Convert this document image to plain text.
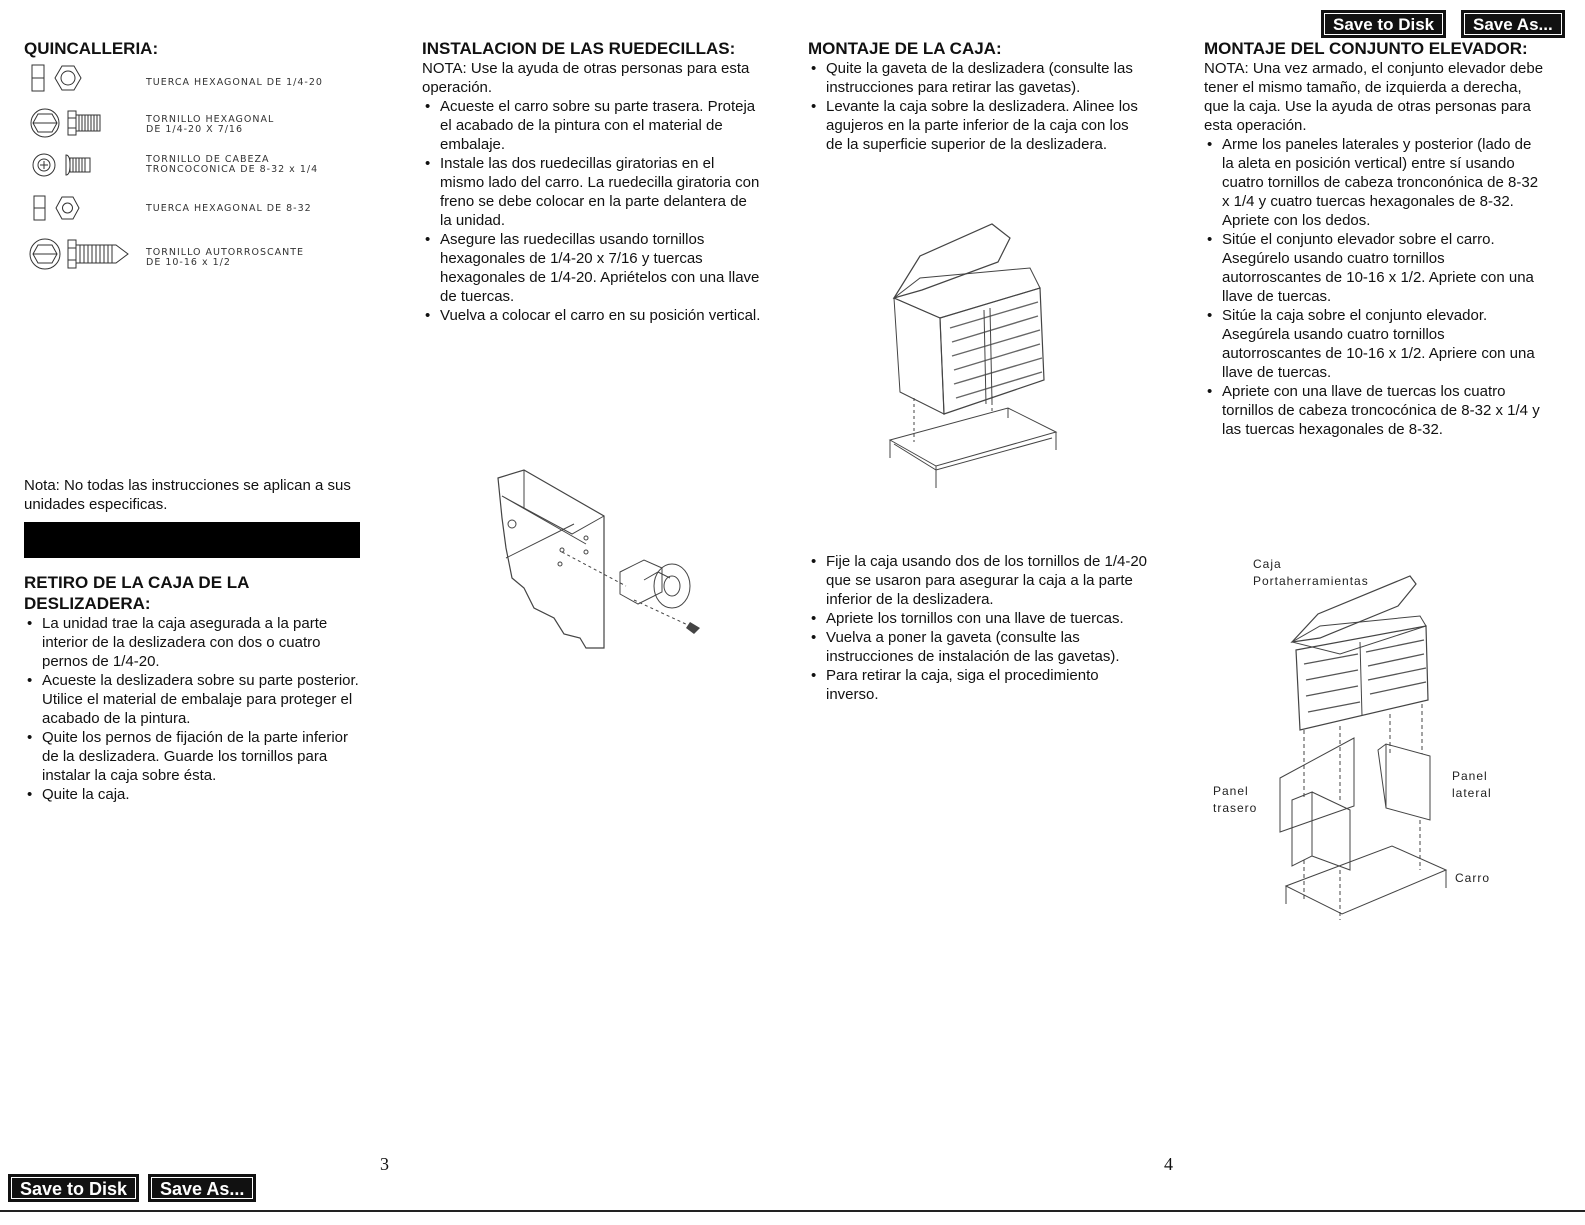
Save to Disk	Save As...
QUINCALLERIA:
TUERCA HEXAGONAL DE 1/4-20
TORNILLO HEXAGONAL
DE 1/4-20 X 7/16
TORNILLO DE CABEZA
TRONCOCONICA DE 8-32 x 1/4
TUERCA HEXAGONAL DE 8-32
TORNILLO AUTORROSCANTE
DE 10-16 x 1/2

Nota: No todas las instrucciones se aplican a sus unidades especificas.

RETIRO DE LA CAJA DE LA DESLIZADERA:
• La unidad trae la caja asegurada a la parte interior de la deslizadera con dos o cuatro pernos de 1/4-20.
• Acueste la deslizadera sobre su parte posterior. Utilice el material de embalaje para proteger el acabado de la pintura.
• Quite los pernos de fijación de la parte inferior de la deslizadera. Guarde los tornillos para instalar la caja sobre ésta.
• Quite la caja.
INSTALACION DE LAS RUEDECILLAS:

NOTA: Use la ayuda de otras personas para esta operación.

• Acueste el carro sobre su parte trasera. Proteja el acabado de la pintura con el material de embalaje.
• Instale las dos ruedecillas giratorias en el mismo lado del carro. La ruedecilla giratoria con freno se debe colocar en la parte delantera de la unidad.
• Asegure las ruedecillas usando tornillos hexagonales de 1/4-20 x 7/16 y tuercas hexagonales de 1/4-20. Apriételos con una llave de tuercas.
• Vuelva a colocar el carro en su posición vertical.
MONTAJE DE LA CAJA:
• Quite la gaveta de la deslizadera (consulte las instrucciones para retirar las gavetas).
• Levante la caja sobre la deslizadera. Alinee los agujeros en la parte inferior de la caja con los de la superficie superior de la deslizadera.
• Fije la caja usando dos de los tornillos de 1/4-20 que se usaron para asegurar la caja a la parte inferior de la deslizadera.
• Apriete los tornillos con una llave de tuercas.
• Vuelva a poner la gaveta (consulte las instrucciones de instalación de las gavetas).
• Para retirar la caja, siga el procedimiento inverso.
MONTAJE DEL CONJUNTO ELEVADOR:

NOTA: Una vez armado, el conjunto elevador debe tener el mismo tamaño, de izquierda a derecha, que la caja. Use la ayuda de otras personas para esta operación.

• Arme los paneles laterales y posterior (lado de la aleta en posición vertical) entre sí usando cuatro tornillos de cabeza tronconónica de 8-32 x 1/4 y cuatro tuercas hexagonales de 8-32. Apriete con los dedos.
• Sitúe el conjunto elevador sobre el carro. Asegúrelo usando cuatro tornillos autorroscantes de 10-16 x 1/2. Apriete con una llave de tuercas.
• Sitúe la caja sobre el conjunto elevador. Asegúrela usando cuatro tornillos autorroscantes de 10-16 x 1/2. Apriere con una llave de tuercas.
• Apriete con una llave de tuercas los cuatro tornillos de cabeza troncocónica de 8-32 x 1/4 y las tuercas hexagonales de 8-32.
Caja
Portaherramientas
Panel
trasero
Panel
lateral
Carro
3	4
Save to Disk	Save As...
